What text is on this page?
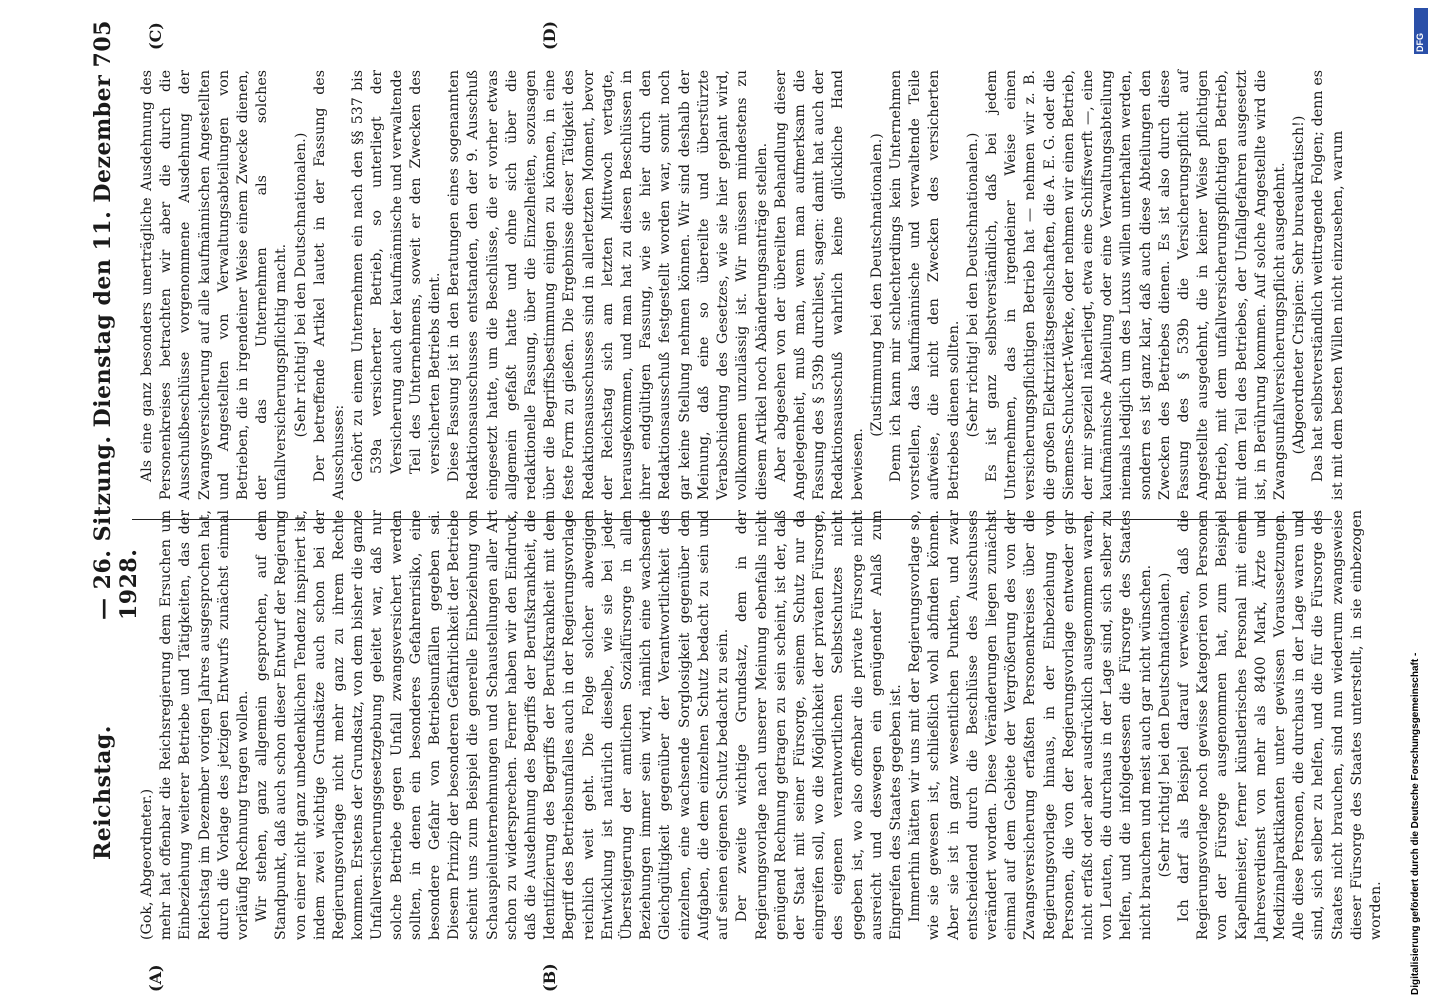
Reichstag.
— 26. Sitzung. Dienstag den 11. Dezember 1928.
705
(A)	(B)
(C)	(D)

(Gok, Abgeordneter.) mehr hat offenbar die Reichsregierung dem Ersuchen um Einbeziehung weiterer Betriebe und Tätigkeiten, das der Reichstag im Dezember vorigen Jahres ausgesprochen hat, durch die Vorlage des jetzigen Entwurfs zunächst einmal vorläufig Rechnung tragen wollen. Wir stehen, ganz allgemein gesprochen, auf dem Standpunkt, daß auch schon dieser Entwurf der Regierung von einer nicht ganz unbedenklichen Tendenz inspiriert ist, indem zwei wichtige Grundsätze auch schon bei der Regierungsvorlage nicht mehr ganz zu ihrem Rechte kommen. Erstens der Grundsatz, von dem bisher die ganze Unfallversicherungsgesetzgebung geleitet war, daß nur solche Betriebe gegen Unfall zwangsversichert werden sollten, in denen ein besonderes Gefahrenrisiko, eine besondere Gefahr von Betriebsunfällen gegeben sei. Diesem Prinzip der besonderen Gefährlichkeit der Betriebe scheint uns zum Beispiel die generelle Einbeziehung von Schauspielunternehmungen und Schaustellungen aller Art schon zu widersprechen. Ferner haben wir den Eindruck, daß die Ausdehnung des Begriffs der Berufskrankheit, die Identifizierung des Begriffs der Berufskrankheit mit dem Begriff des Betriebsunfalles auch in der Regierungsvorlage reichlich weit geht. Die Folge solcher abwegigen Entwicklung ist natürlich dieselbe, wie sie bei jeder Übersteigerung der amtlichen Sozialfürsorge in allen Beziehungen immer sein wird, nämlich eine wachsende Gleichgültigkeit gegenüber der Verantwortlichkeit des einzelnen, eine wachsende Sorglosigkeit gegenüber den Aufgaben, die dem einzelnen Schutz bedacht zu sein und auf seinen eigenen Schutz bedacht zu sein. Der zweite wichtige Grundsatz, dem in der Regierungsvorlage nach unserer Meinung ebenfalls nicht genügend Rechnung getragen zu sein scheint, ist der, daß der Staat mit seiner Fürsorge, seinem Schutz nur da eingreifen soll, wo die Möglichkeit der privaten Fürsorge, des eigenen verantwortlichen Selbstschutzes nicht gegeben ist, wo also offenbar die private Fürsorge nicht ausreicht und deswegen ein genügender Anlaß zum Eingreifen des Staates gegeben ist. Immerhin hätten wir uns mit der Regierungsvorlage so, wie sie gewesen ist, schließlich wohl abfinden können. Aber sie ist in ganz wesentlichen Punkten, und zwar entscheidend durch die Beschlüsse des Ausschusses verändert worden. Diese Veränderungen liegen zunächst einmal auf dem Gebiete der Vergrößerung des von der Zwangsversicherung erfaßten Personenkreises über die Regierungsvorlage hinaus, in der Einbeziehung von Personen, die von der Regierungsvorlage entweder gar nicht erfaßt oder aber ausdrücklich ausgenommen waren, von Leuten, die durchaus in der Lage sind, sich selber zu helfen, und die infolgedessen die Fürsorge des Staates nicht brauchen und meist auch gar nicht wünschen. (Sehr richtig! bei den Deutschnationalen.) Ich darf als Beispiel darauf verweisen, daß die Regierungsvorlage noch gewisse Kategorien von Personen von der Fürsorge ausgenommen hat, zum Beispiel Kapellmeister, ferner künstlerisches Personal mit einem Jahresverdienst von mehr als 8400 Mark, Ärzte und Medizinalpraktikanten unter gewissen Voraussetzungen. Alle diese Personen, die durchaus in der Lage waren und sind, sich selber zu helfen, und die für die Fürsorge des Staates nicht brauchen, sind nun wiederum zwangsweise dieser Fürsorge des Staates unterstellt, in sie einbezogen worden.

Als eine ganz besonders unerträgliche Ausdehnung des Personenkreises betrachten wir aber die durch die Ausschußbeschlüsse vorgenommene Ausdehnung der Zwangsversicherung auf alle kaufmännischen Angestellten und Angestellten von Verwaltungsabteilungen von Betrieben, die in irgendeiner Weise einem Zwecke dienen, der das Unternehmen als solches unfallversicherungspflichtig macht. (Sehr richtig! bei den Deutschnationalen.) Der betreffende Artikel lautet in der Fassung des Ausschusses: Gehört zu einem Unternehmen ein nach den §§ 537 bis 539a versicherter Betrieb, so unterliegt der Versicherung auch der kaufmännische und verwaltende Teil des Unternehmens, soweit er den Zwecken des versicherten Betriebs dient. Diese Fassung ist in den Beratungen eines sogenannten Redaktionsausschusses entstanden, den der 9. Ausschuß eingesetzt hatte, um die Beschlüsse, die er vorher etwas allgemein gefaßt hatte und ohne sich über die redaktionelle Fassung, über die Einzelheiten, sozusagen über die Begriffsbestimmung einigen zu können, in eine feste Form zu gießen. Die Ergebnisse dieser Tätigkeit des Redaktionsausschusses sind in allerletzten Moment, bevor der Reichstag sich am letzten Mittwoch vertagte, herausgekommen, und man hat zu diesen Beschlüssen in ihrer endgültigen Fassung, wie sie hier durch den Redaktionsausschuß festgestellt worden war, somit noch gar keine Stellung nehmen können. Wir sind deshalb der Meinung, daß eine so übereilte und überstürzte Verabschiedung des Gesetzes, wie sie hier geplant wird, vollkommen unzulässig ist. Wir müssen mindestens zu diesem Artikel noch Abänderungsanträge stellen. Aber abgesehen von der übereilten Behandlung dieser Angelegenheit, muß man, wenn man aufmerksam die Fassung des § 539b durchliest, sagen: damit hat auch der Redaktionsausschuß wahrlich keine glückliche Hand bewiesen.

(Zustimmung bei den Deutschnationalen.) Denn ich kann mir schlechterdings kein Unternehmen vorstellen, das kaufmännische und verwaltende Teile aufweise, die nicht den Zwecken des versicherten Betriebes dienen sollten. (Sehr richtig! bei den Deutschnationalen.) Es ist ganz selbstverständlich, daß bei jedem Unternehmen, das in irgendeiner Weise einen versicherungspflichtigen Betrieb hat — nehmen wir z. B. die großen Elektrizitätsgesellschaften, die A. E. G. oder die Siemens-Schuckert-Werke, oder nehmen wir einen Betrieb, der mir speziell näherliegt, etwa eine Schiffswerft —, eine kaufmännische Abteilung oder eine Verwaltungsabteilung niemals lediglich um des Luxus willen unterhalten werden, sondern es ist ganz klar, daß auch diese Abteilungen den Zwecken des Betriebes dienen. Es ist also durch diese Fassung des § 539b die Versicherungspflicht auf Angestellte ausgedehnt, die in keiner Weise pflichtigen Betrieb, mit dem unfallversicherungspflichtigen Betrieb, mit dem Teil des Betriebes, der Unfallgefahren ausgesetzt ist, in Berührung kommen. Auf solche Angestellte wird die Zwangsunfallversicherungspflicht ausgedehnt. (Abgeordneter Crispien: Sehr bureaukratisch!) Das hat selbstverständlich weittragende Folgen; denn es ist mit dem besten Willen nicht einzusehen, warum

Digitalisierung gefördert durch die Deutsche Forschungsgemeinschaft -
DFG
